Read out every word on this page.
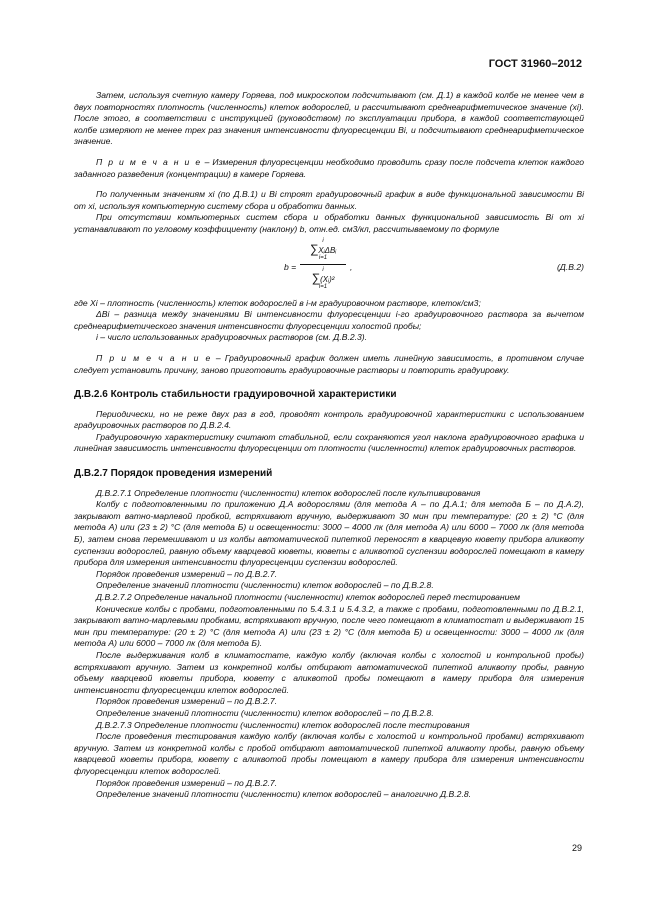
ГОСТ 31960–2012

Затем, используя счетную камеру Горяева, под микроскопом подсчитывают (см. Д.1) в каждой колбе не менее чем в двух повторностях плотность (численность) клеток водорослей, и рассчитывают среднеарифметическое значение (xi). После этого, в соответствии с инструкцией (руководством) по эксплуатации прибора, в каждой соответствующей колбе измеряют не менее трех раз значения интенсивности флуоресценции Bi, и подсчитывают среднеарифметическое значение.

П р и м е ч а н и е – Измерения флуоресценции необходимо проводить сразу после подсчета клеток каждого заданного разведения (концентрации) в камере Горяева.

По полученным значениям xi (по Д.В.1) и Bi строят градуировочный график в виде функциональной зависимости Bi от xi, используя компьютерную систему сбора и обработки данных.

При отсутствии компьютерных систем сбора и обработки данных функциональной зависимость Bi от xi устанавливают по угловому коэффициенту (наклону) b, отн.ед. см3/кл, рассчитываемому по формуле

b =
i
∑XᵢΔBᵢ
i=1
i
∑(Xᵢ)²
i=1
,	(Д.В.2)

где Xi – плотность (численность) клеток водорослей в i-м градуировочном растворе, клеток/см3;

ΔBi – разница между значениями Bi интенсивности флуоресценции i-го градуировочного раствора за вычетом среднеарифметического значения интенсивности флуоресценции холостой пробы;

i – число использованных градуировочных растворов (см. Д.В.2.3).

П р и м е ч а н и е – Градуировочный график должен иметь линейную зависимость, в противном случае следует установить причину, заново приготовить градуировочные растворы и повторить градуировку.

Д.В.2.6 Контроль стабильности градуировочной характеристики

Периодически, но не реже двух раз в год, проводят контроль градуировочной характеристики с использованием градуировочных растворов по Д.В.2.4.

Градуировочную характеристику считают стабильной, если сохраняются угол наклона градуировочного графика и линейная зависимость интенсивности флуоресценции от плотности (численности) клеток градуировочных растворов.

Д.В.2.7 Порядок проведения измерений

Д.В.2.7.1 Определение плотности (численности) клеток водорослей после культивирования

Колбу с подготовленными по приложению Д.А водорослями (для метода А – по Д.А.1; для метода Б – по Д.А.2), закрывают ватно-марлевой пробкой, встряхивают вручную, выдерживают 30 мин при температуре: (20 ± 2) °С (для метода А) или (23 ± 2) °С (для метода Б) и освещенности: 3000 – 4000 лк (для метода А) или 6000 – 7000 лк (для метода Б), затем снова перемешивают и из колбы автоматической пипеткой переносят в кварцевую кювету прибора аликвоту суспензии водорослей, равную объему кварцевой кюветы, кюветы с аликвотой суспензии водорослей помещают в камеру прибора для измерения интенсивности флуоресценции суспензии водорослей.

Порядок проведения измерений – по Д.В.2.7.

Определение значений плотности (численности) клеток водорослей – по Д.В.2.8.

Д.В.2.7.2 Определение начальной плотности (численности) клеток водорослей перед тестированием

Конические колбы с пробами, подготовленными по 5.4.3.1 и 5.4.3.2, а также с пробами, подготовленными по Д.В.2.1, закрывают ватно-марлевыми пробками, встряхивают вручную, после чего помещают в климатостат и выдерживают 15 мин при температуре: (20 ± 2) °С (для метода А) или (23 ± 2) °С (для метода Б) и освещенности: 3000 – 4000 лк (для метода А) или 6000 – 7000 лк (для метода Б).

После выдерживания колб в климатостате, каждую колбу (включая колбы с холостой и контрольной пробы) встряхивают вручную. Затем из конкретной колбы отбирают автоматической пипеткой аликвоту пробы, равную объему кварцевой кюветы прибора, кювету с аликвотой пробы помещают в камеру прибора для измерения интенсивности флуоресценции клеток водорослей.

Порядок проведения измерений – по Д.В.2.7.

Определение значений плотности (численности) клеток водорослей – по Д.В.2.8.

Д.В.2.7.3 Определение плотности (численности) клеток водорослей после тестирования

После проведения тестирования каждую колбу (включая колбы с холостой и контрольной пробами) встряхивают вручную. Затем из конкретной колбы с пробой отбирают автоматической пипеткой аликвоту пробы, равную объему кварцевой кюветы прибора, кювету с аликвотой пробы помещают в камеру прибора для измерения интенсивности флуоресценции клеток водорослей.

Порядок проведения измерений – по Д.В.2.7.

Определение значений плотности (численности) клеток водорослей – аналогично Д.В.2.8.

29
